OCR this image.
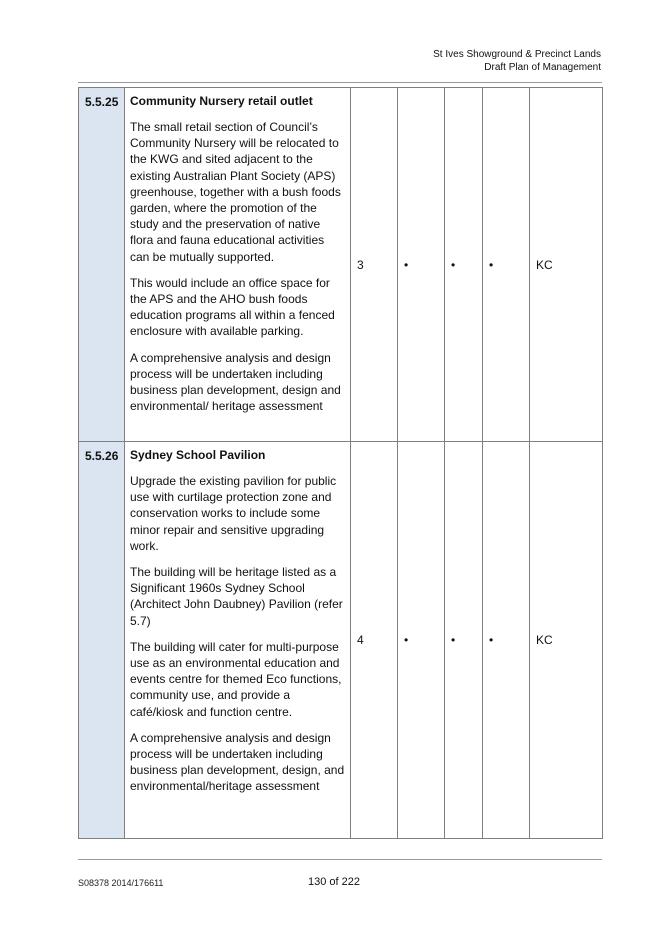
St Ives Showground & Precinct Lands
Draft Plan of Management
5.5.25	Community Nursery retail outlet

The small retail section of Council’s Community Nursery will be relocated to the KWG and sited adjacent to the existing Australian Plant Society (APS) greenhouse, together with a bush foods garden, where the promotion of the study and the preservation of native flora and fauna educational activities can be mutually supported.

This would include an office space for the APS and the AHO bush foods education programs all within a fenced enclosure with available parking.

A comprehensive analysis and design process will be undertaken including business plan development, design and environmental/ heritage assessment	3	•	•	•	KC
5.5.26	Sydney School Pavilion

Upgrade the existing pavilion for public use with curtilage protection zone and conservation works to include some minor repair and sensitive upgrading work.

The building will be heritage listed as a Significant 1960s Sydney School (Architect John Daubney) Pavilion (refer 5.7)

The building will cater for multi-purpose use as an environmental education and events centre for themed Eco functions, community use, and provide a café/kiosk and function centre.

A comprehensive analysis and design process will be undertaken including business plan development, design, and environmental/heritage assessment	4	•	•	•	KC
S08378 2014/176611	130 of 222
